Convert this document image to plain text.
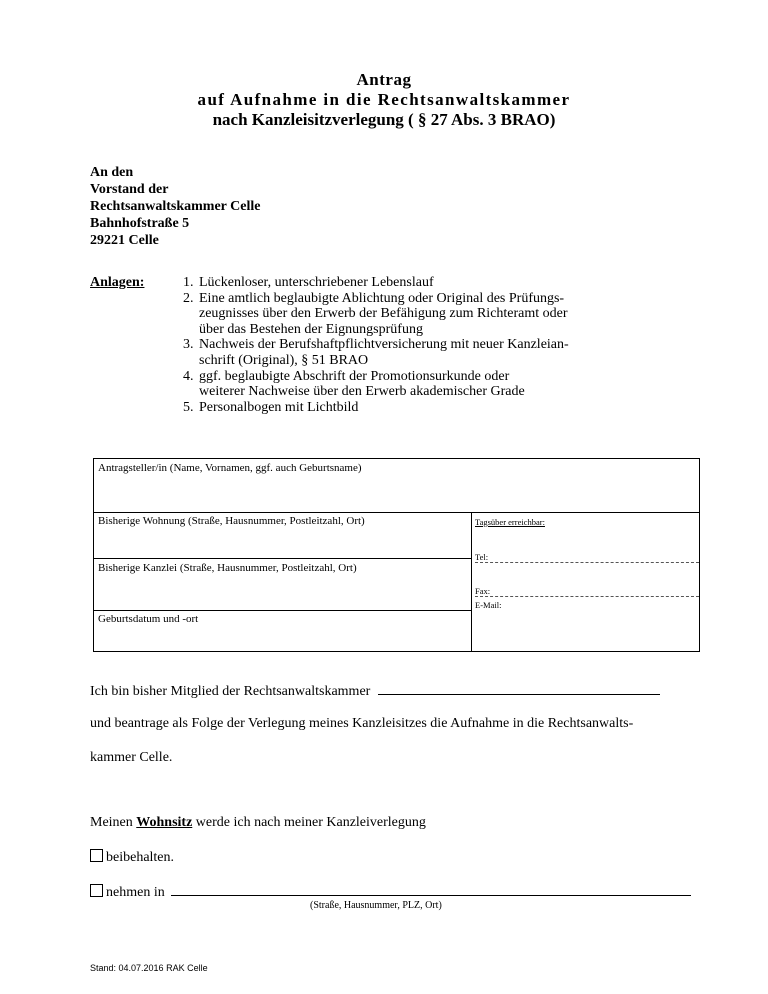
Antrag
auf Aufnahme in die Rechtsanwaltskammer
nach Kanzleisitzverlegung ( § 27 Abs. 3 BRAO)
An den
Vorstand der
Rechtsanwaltskammer Celle
Bahnhofstraße 5
29221 Celle
Anlagen:	1. Lückenloser, unterschriebener Lebenslauf
2. Eine amtlich beglaubigte Ablichtung oder Original des Prüfungs-
zeugnisses über den Erwerb der Befähigung zum Richteramt oder
über das Bestehen der Eignungsprüfung
3. Nachweis der Berufshaftpflichtversicherung mit neuer Kanzleian-
schrift (Original), § 51 BRAO
4. ggf. beglaubigte Abschrift der Promotionsurkunde oder
weiterer Nachweise über den Erwerb akademischer Grade
5. Personalbogen mit Lichtbild
Antragsteller/in (Name, Vornamen, ggf. auch Geburtsname)
Bisherige Wohnung (Straße, Hausnummer, Postleitzahl, Ort)
Bisherige Kanzlei (Straße, Hausnummer, Postleitzahl, Ort)
Geburtsdatum und -ort
Tagsüber erreichbar:
Tel:
Fax:
E-Mail:
Ich bin bisher Mitglied der Rechtsanwaltskammer
und beantrage als Folge der Verlegung meines Kanzleisitzes die Aufnahme in die Rechtsanwalts-
kammer Celle.
Meinen Wohnsitz werde ich nach meiner Kanzleiverlegung
beibehalten.
nehmen in
(Straße, Hausnummer, PLZ, Ort)
Stand: 04.07.2016 RAK Celle
